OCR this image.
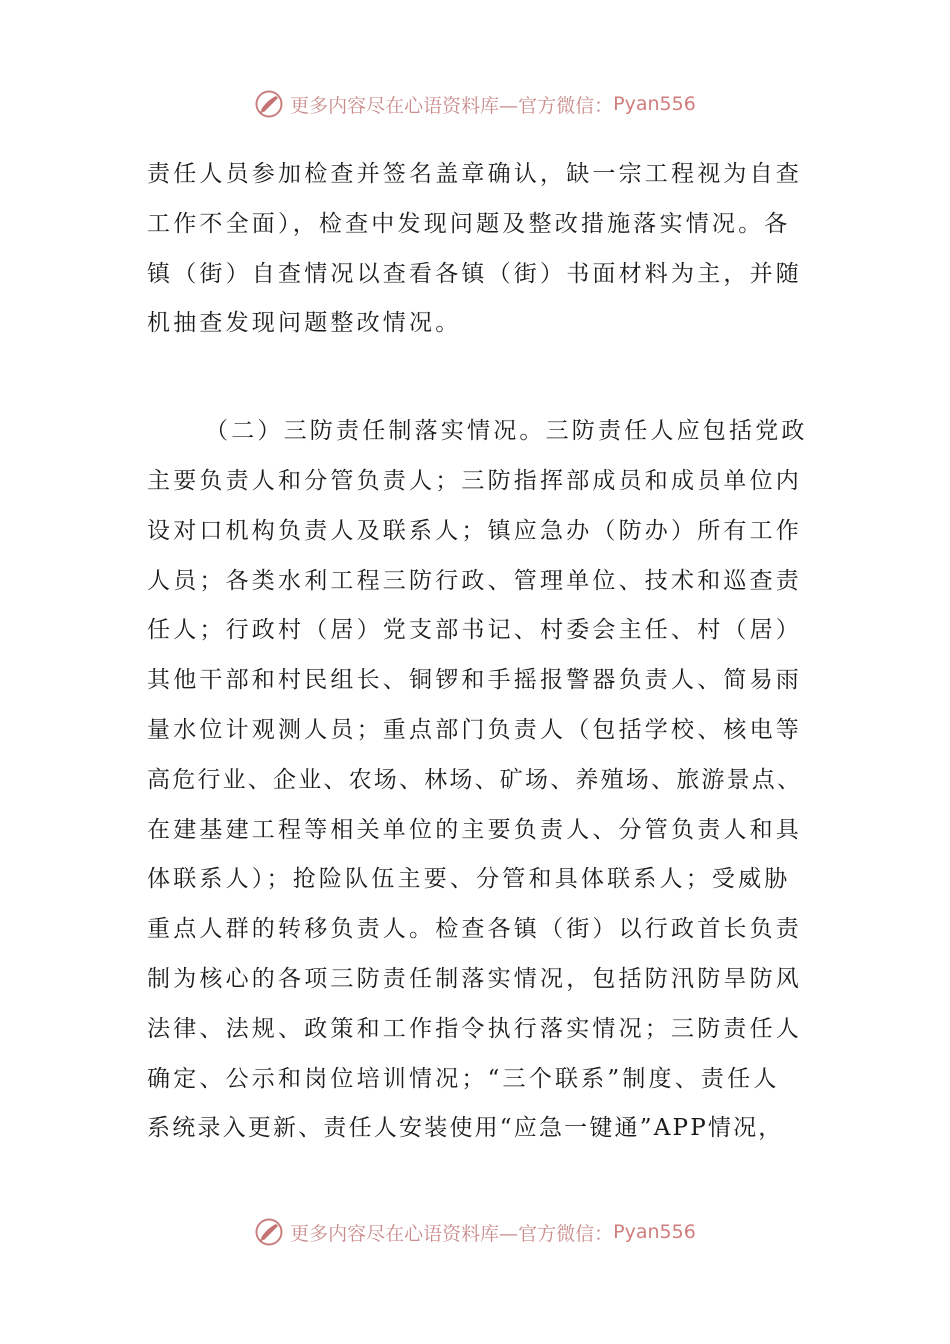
更多内容尽在心语资料库—官方微信： Pyan556
责任人员参加检查并签名盖章确认，缺一宗工程视为自查
工作不全面），检查中发现问题及整改措施落实情况。各
镇（街）自查情况以查看各镇（街）书面材料为主，并随
机抽查发现问题整改情况。
（二）三防责任制落实情况。三防责任人应包括党政
主要负责人和分管负责人；三防指挥部成员和成员单位内
设对口机构负责人及联系人；镇应急办（防办）所有工作
人员；各类水利工程三防行政、管理单位、技术和巡查责
任人；行政村（居）党支部书记、村委会主任、村（居）
其他干部和村民组长、铜锣和手摇报警器负责人、简易雨
量水位计观测人员；重点部门负责人（包括学校、核电等
高危行业、企业、农场、林场、矿场、养殖场、旅游景点、
在建基建工程等相关单位的主要负责人、分管负责人和具
体联系人）；抢险队伍主要、分管和具体联系人；受威胁
重点人群的转移负责人。检查各镇（街）以行政首长负责
制为核心的各项三防责任制落实情况，包括防汛防旱防风
法律、法规、政策和工作指令执行落实情况；三防责任人
确定、公示和岗位培训情况；“三个联系”制度、责任人
系统录入更新、责任人安装使用“应急一键通”APP情况，
更多内容尽在心语资料库—官方微信： Pyan556
